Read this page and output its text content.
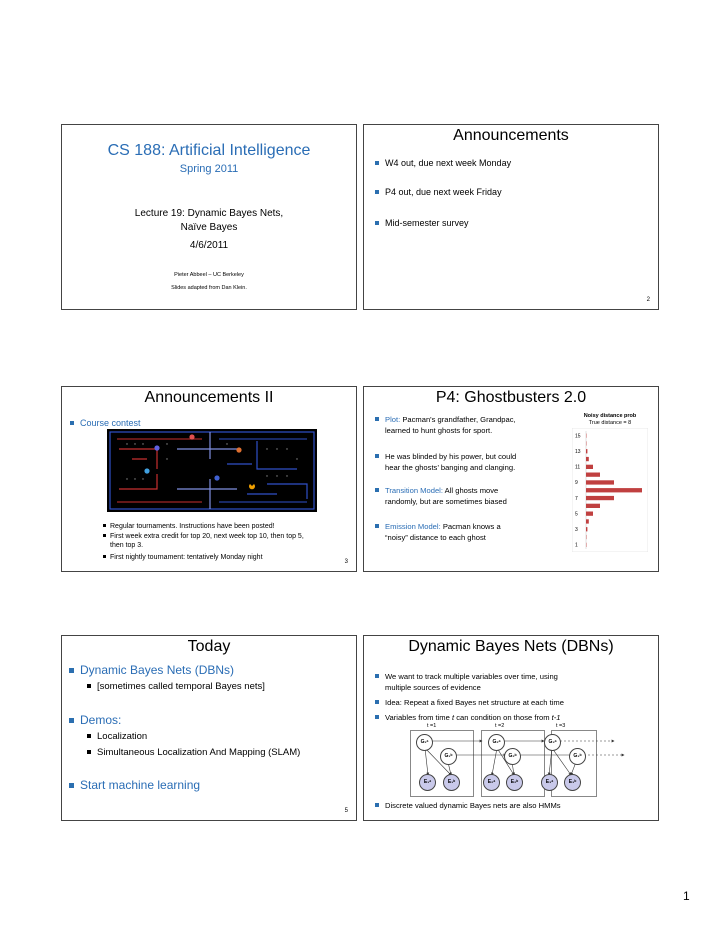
CS 188: Artificial Intelligence
Spring 2011
Lecture 19: Dynamic Bayes Nets,
Naïve Bayes
4/6/2011
Pieter Abbeel – UC Berkeley
Slides adapted from Dan Klein.
Announcements
W4 out, due next week Monday
P4 out, due next week Friday
Mid-semester survey
2
Announcements II
Course contest
Regular tournaments. Instructions have been posted!
First week extra credit for top 20, next week top 10, then top 5,
then top 3.
First nightly tournament: tentatively Monday night
3
P4: Ghostbusters 2.0
Plot: Pacman's grandfather, Grandpac,
learned to hunt ghosts for sport.
He was blinded by his power, but could
hear the ghosts’ banging and clanging.
Transition Model: All ghosts move
randomly, but are sometimes biased
Emission Model: Pacman knows a
“noisy” distance to each ghost
Noisy distance prob
True distance = 8
15
13
11
9
7
5
3
1
Today
Dynamic Bayes Nets (DBNs)
[sometimes called temporal Bayes nets]
Demos:
Localization
Simultaneous Localization And Mapping (SLAM)
Start machine learning
5
Dynamic Bayes Nets (DBNs)
We want to track multiple variables over time, using
multiple sources of evidence
Idea: Repeat a fixed Bayes net structure at each time
Variables from time t can condition on those from t-1
t =1	t =2	t =3
G₁ᵃ
G₁ᵇ
G₂ᵃ
G₂ᵇ
G₃ᵃ
G₃ᵇ
E₁ᵃ	E₁ᵇ	E₂ᵃ	E₂ᵇ	E₃ᵃ	E₃ᵇ
Discrete valued dynamic Bayes nets are also HMMs
1
